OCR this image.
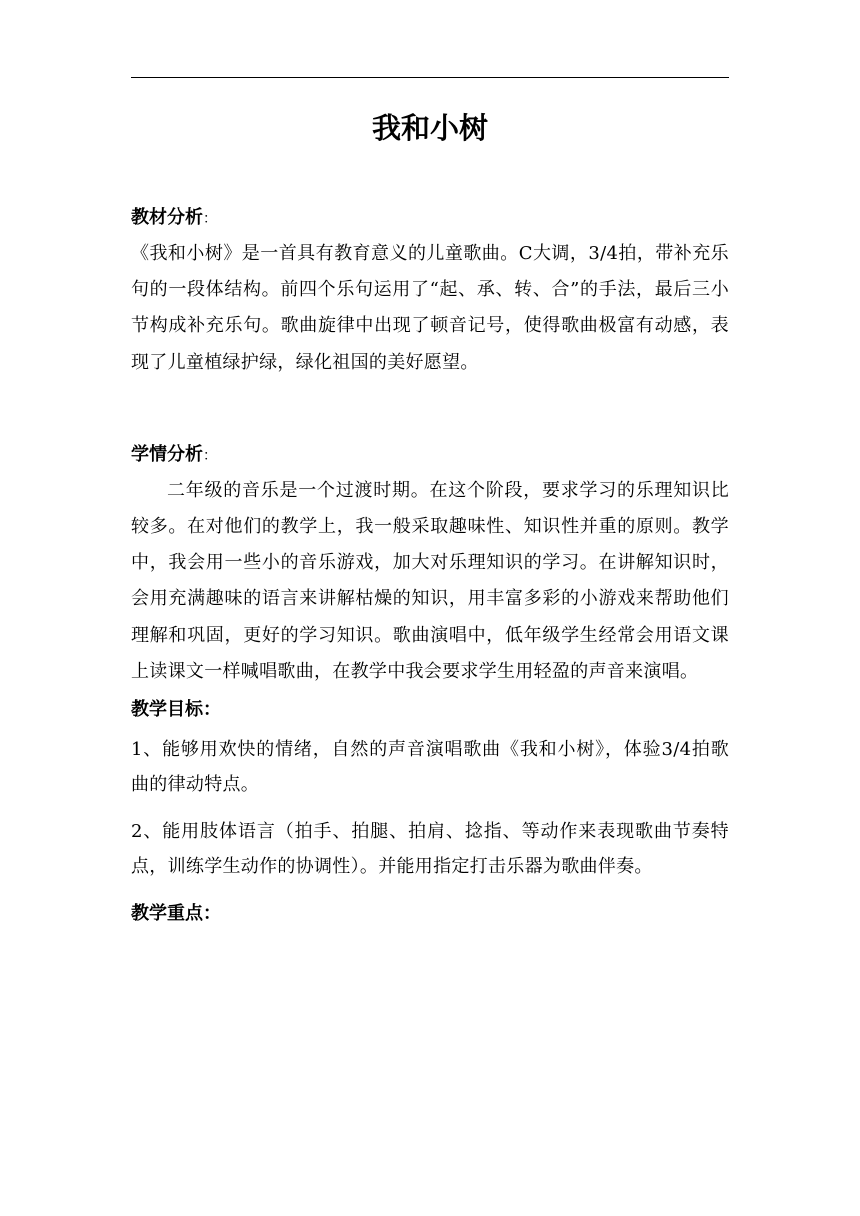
我和小树
教材分析：

《我和小树》是一首具有教育意义的儿童歌曲。C大调，3/4拍，带补充乐句的一段体结构。前四个乐句运用了“起、承、转、合”的手法，最后三小节构成补充乐句。歌曲旋律中出现了顿音记号，使得歌曲极富有动感，表现了儿童植绿护绿，绿化祖国的美好愿望。

学情分析：

二年级的音乐是一个过渡时期。在这个阶段，要求学习的乐理知识比较多。在对他们的教学上，我一般采取趣味性、知识性并重的原则。教学中，我会用一些小的音乐游戏，加大对乐理知识的学习。在讲解知识时，会用充满趣味的语言来讲解枯燥的知识，用丰富多彩的小游戏来帮助他们理解和巩固，更好的学习知识。歌曲演唱中，低年级学生经常会用语文课上读课文一样喊唱歌曲，在教学中我会要求学生用轻盈的声音来演唱。

教学目标：

1、能够用欢快的情绪，自然的声音演唱歌曲《我和小树》，体验3/4拍歌曲的律动特点。

2、能用肢体语言（拍手、拍腿、拍肩、捻指、等动作来表现歌曲节奏特点，训练学生动作的协调性）。并能用指定打击乐器为歌曲伴奏。

教学重点：
